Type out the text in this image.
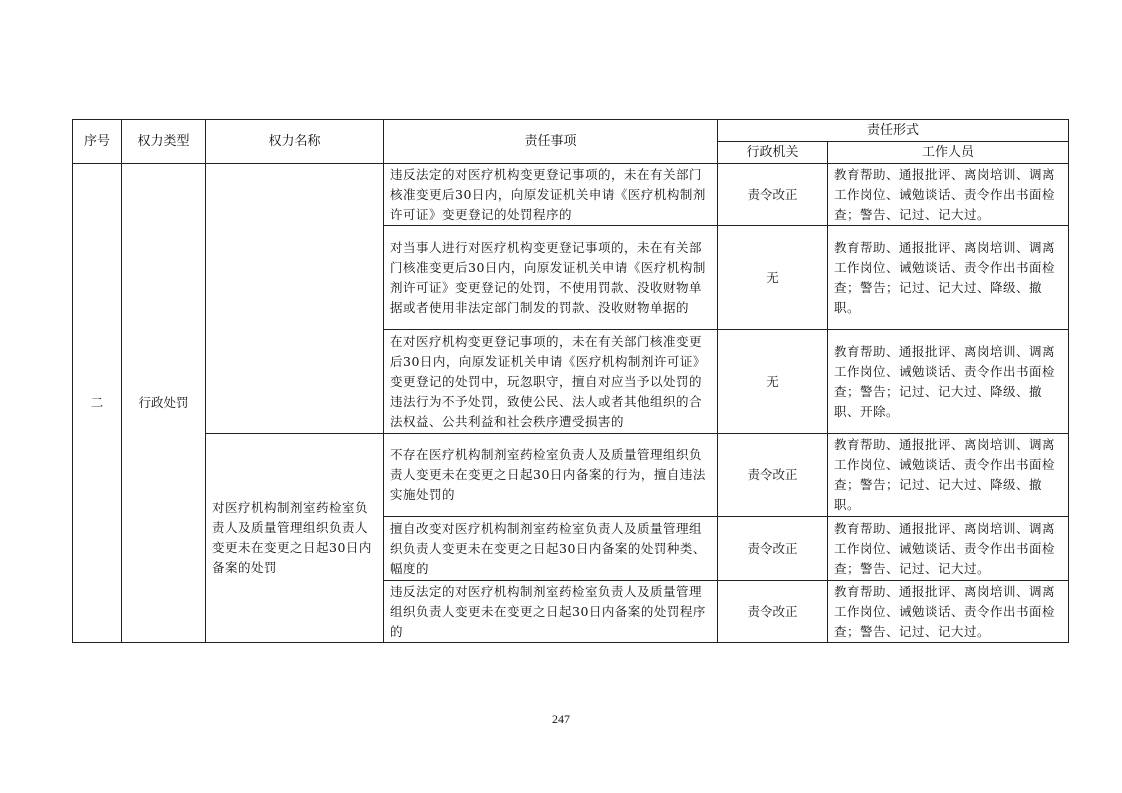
序号	权力类型	权力名称	责任事项	责任形式	
				行政机关	工作人员
二	行政处罚		违反法定的对医疗机构变更登记事项的，未在有关部门核准变更后30日内，向原发证机关申请《医疗机构制剂许可证》变更登记的处罚程序的	责令改正	教育帮助、通报批评、离岗培训、调离工作岗位、诫勉谈话、责令作出书面检查；警告、记过、记大过。
			对当事人进行对医疗机构变更登记事项的，未在有关部门核准变更后30日内，向原发证机关申请《医疗机构制剂许可证》变更登记的处罚，不使用罚款、没收财物单据或者使用非法定部门制发的罚款、没收财物单据的	无	教育帮助、通报批评、离岗培训、调离工作岗位、诫勉谈话、责令作出书面检查；警告；记过、记大过、降级、撤职。
			在对医疗机构变更登记事项的，未在有关部门核准变更后30日内，向原发证机关申请《医疗机构制剂许可证》变更登记的处罚中，玩忽职守，擅自对应当予以处罚的违法行为不予处罚，致使公民、法人或者其他组织的合法权益、公共利益和社会秩序遭受损害的	无	教育帮助、通报批评、离岗培训、调离工作岗位、诫勉谈话、责令作出书面检查；警告；记过、记大过、降级、撤职、开除。
		对医疗机构制剂室药检室负责人及质量管理组织负责人变更未在变更之日起30日内备案的处罚	不存在医疗机构制剂室药检室负责人及质量管理组织负责人变更未在变更之日起30日内备案的行为，擅自违法实施处罚的	责令改正	教育帮助、通报批评、离岗培训、调离工作岗位、诫勉谈话、责令作出书面检查；警告；记过、记大过、降级、撤职。
			擅自改变对医疗机构制剂室药检室负责人及质量管理组织负责人变更未在变更之日起30日内备案的处罚种类、幅度的	责令改正	教育帮助、通报批评、离岗培训、调离工作岗位、诫勉谈话、责令作出书面检查；警告、记过、记大过。
			违反法定的对医疗机构制剂室药检室负责人及质量管理组织负责人变更未在变更之日起30日内备案的处罚程序的	责令改正	教育帮助、通报批评、离岗培训、调离工作岗位、诫勉谈话、责令作出书面检查；警告、记过、记大过。
247
